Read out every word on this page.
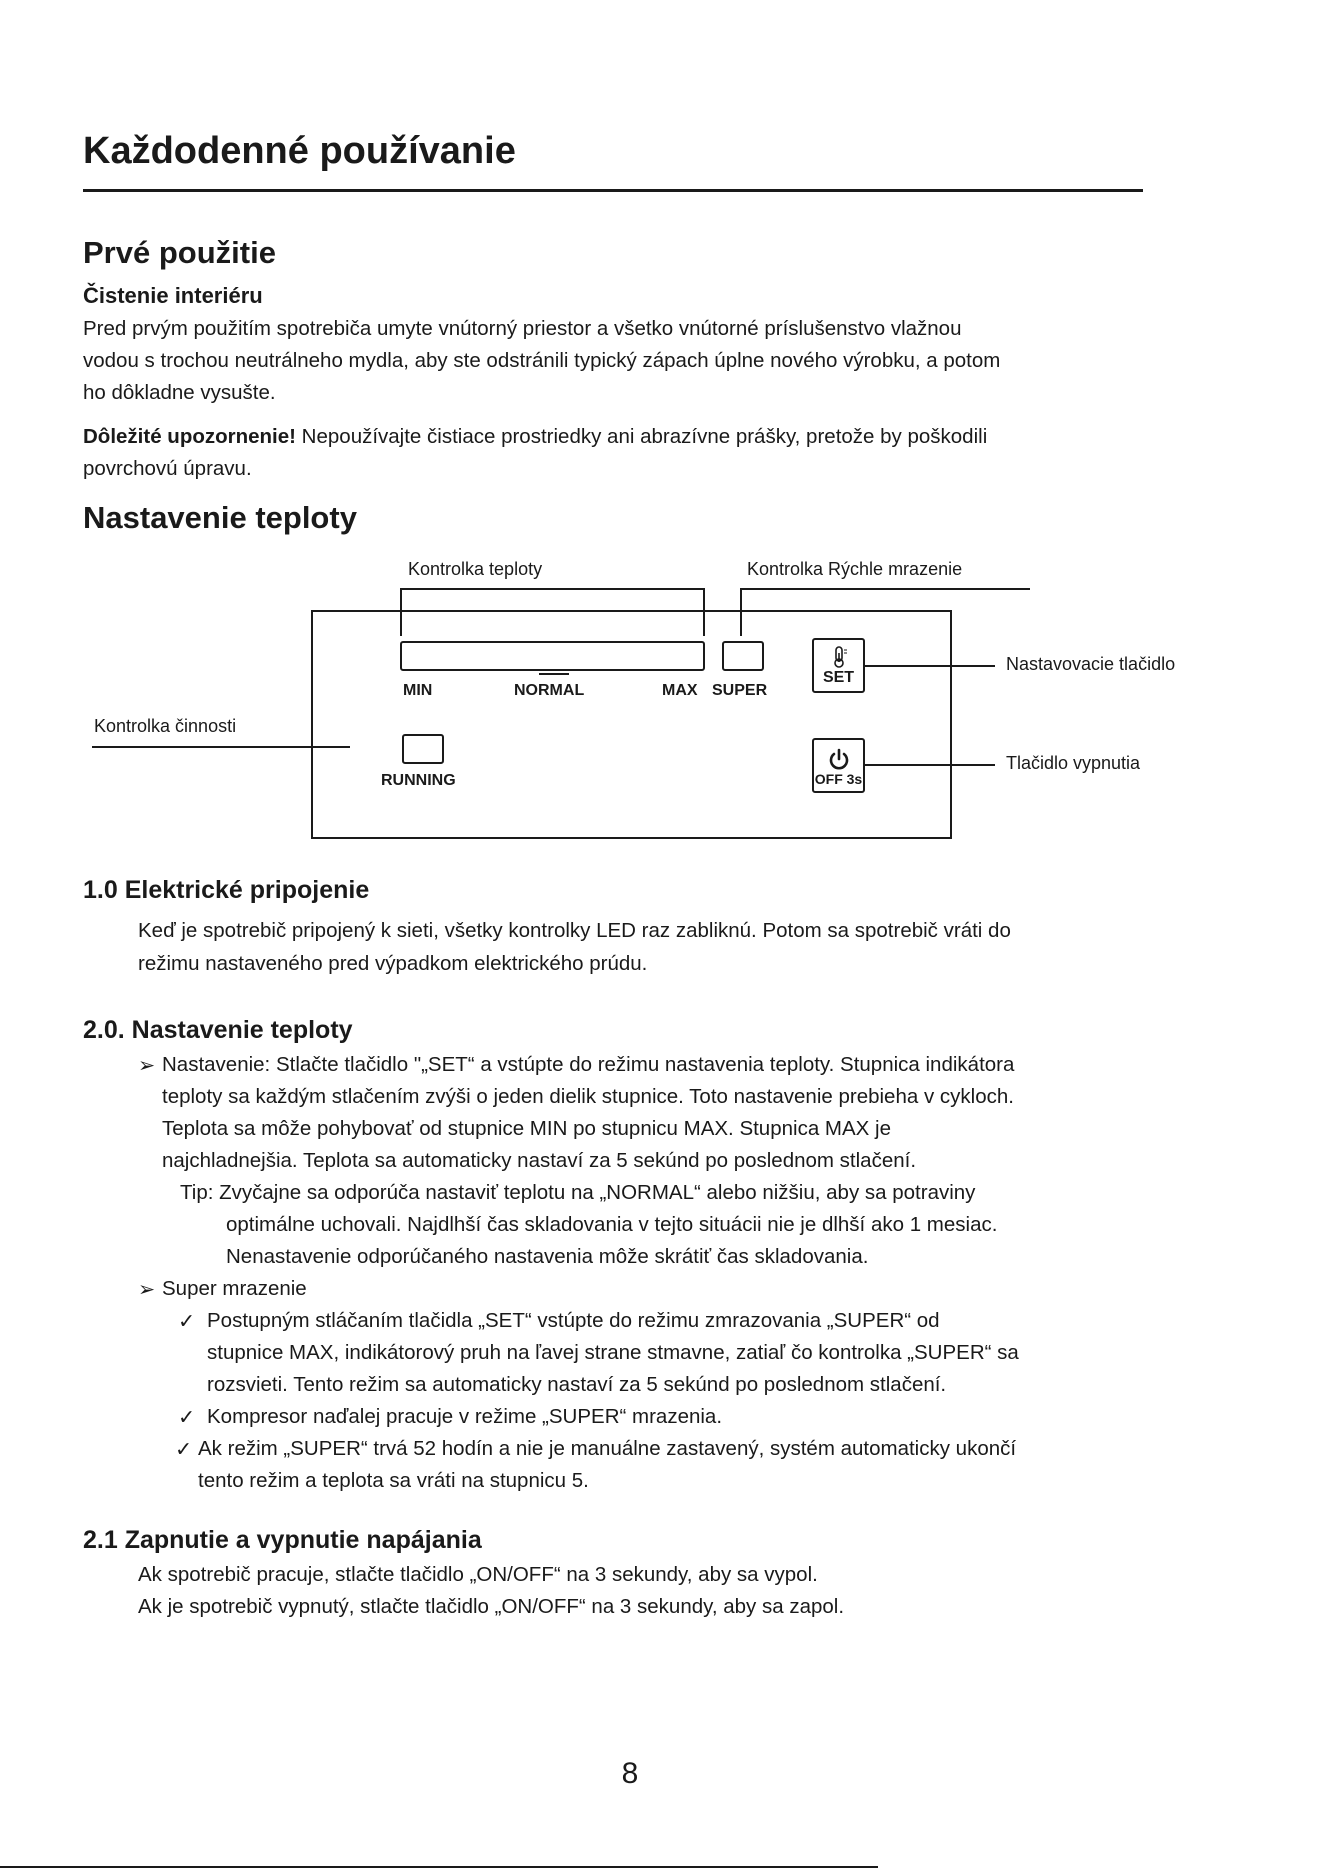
Každodenné používanie
Prvé použitie
Čistenie interiéru
Pred prvým použitím spotrebiča umyte vnútorný priestor a všetko vnútorné príslušenstvo vlažnou
vodou s trochou neutrálneho mydla, aby ste odstránili typický zápach úplne nového výrobku, a potom
ho dôkladne vysušte.
Dôležité upozornenie! Nepoužívajte čistiace prostriedky ani abrazívne prášky, pretože by poškodili
povrchovú úpravu.
Nastavenie teploty
Kontrolka teploty	Kontrolka Rýchle mrazenie
Nastavovacie tlačidlo
Kontrolka činnosti
Tlačidlo vypnutia
MIN	NORMAL	MAX SUPER
SET
RUNNING	OFF 3s
1.0 Elektrické pripojenie
Keď je spotrebič pripojený k sieti, všetky kontrolky LED raz zabliknú. Potom sa spotrebič vráti do
režimu nastaveného pred výpadkom elektrického prúdu.
2.0. Nastavenie teploty
➢ Nastavenie: Stlačte tlačidlo "„SET“ a vstúpte do režimu nastavenia teploty. Stupnica indikátora
teploty sa každým stlačením zvýši o jeden dielik stupnice. Toto nastavenie prebieha v cykloch.
Teplota sa môže pohybovať od stupnice MIN po stupnicu MAX. Stupnica MAX je
najchladnejšia. Teplota sa automaticky nastaví za 5 sekúnd po poslednom stlačení.
Tip: Zvyčajne sa odporúča nastaviť teplotu na „NORMAL“ alebo nižšiu, aby sa potraviny
optimálne uchovali. Najdlhší čas skladovania v tejto situácii nie je dlhší ako 1 mesiac.
Nenastavenie odporúčaného nastavenia môže skrátiť čas skladovania.
➢ Super mrazenie
✓ Postupným stláčaním tlačidla „SET“ vstúpte do režimu zmrazovania „SUPER“ od
stupnice MAX, indikátorový pruh na ľavej strane stmavne, zatiaľ čo kontrolka „SUPER“ sa
rozsvieti. Tento režim sa automaticky nastaví za 5 sekúnd po poslednom stlačení.
✓ Kompresor naďalej pracuje v režime „SUPER“ mrazenia.
✓ Ak režim „SUPER“ trvá 52 hodín a nie je manuálne zastavený, systém automaticky ukončí
tento režim a teplota sa vráti na stupnicu 5.
2.1 Zapnutie a vypnutie napájania
Ak spotrebič pracuje, stlačte tlačidlo „ON/OFF“ na 3 sekundy, aby sa vypol.
Ak je spotrebič vypnutý, stlačte tlačidlo „ON/OFF“ na 3 sekundy, aby sa zapol.
8
